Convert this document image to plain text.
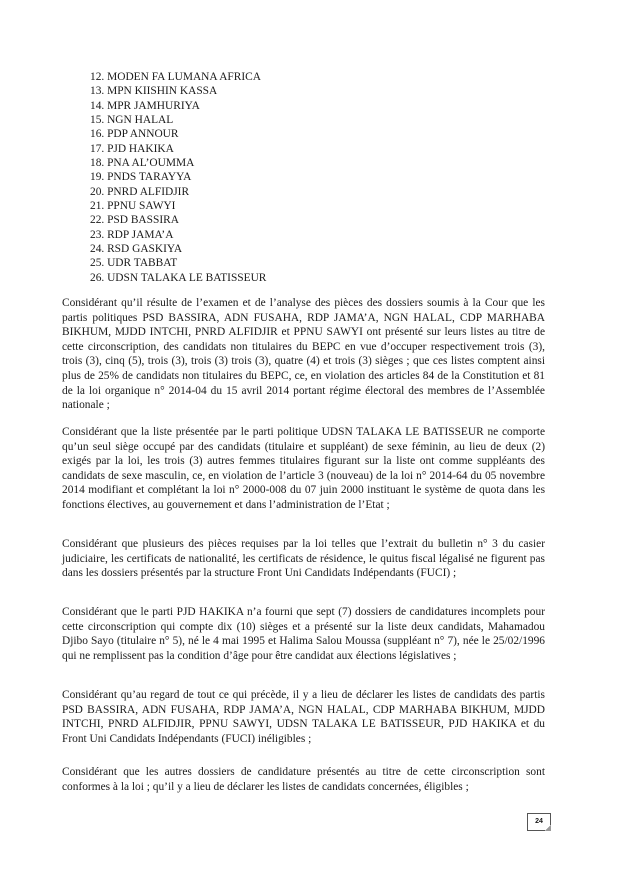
12. MODEN FA LUMANA AFRICA
13. MPN KIISHIN KASSA
14. MPR JAMHURIYA
15. NGN HALAL
16. PDP ANNOUR
17. PJD HAKIKA
18. PNA AL’OUMMA
19. PNDS TARAYYA
20. PNRD ALFIDJIR
21. PPNU SAWYI
22. PSD BASSIRA
23. RDP JAMA’A
24. RSD GASKIYA
25. UDR TABBAT
26. UDSN TALAKA LE BATISSEUR

Considérant qu’il résulte de l’examen et de l’analyse des pièces des dossiers soumis à la Cour que les partis politiques PSD BASSIRA, ADN FUSAHA, RDP JAMA’A, NGN HALAL, CDP MARHABA BIKHUM, MJDD INTCHI, PNRD ALFIDJIR et PPNU SAWYI ont présenté sur leurs listes au titre de cette circonscription, des candidats non titulaires du BEPC en vue d’occuper respectivement trois (3), trois (3), cinq (5), trois (3), trois (3) trois (3), quatre (4) et trois (3) sièges ; que ces listes comptent ainsi plus de 25% de candidats non titulaires du BEPC, ce, en violation des articles 84 de la Constitution et 81 de la loi organique n° 2014-04 du 15 avril 2014 portant régime électoral des membres de l’Assemblée nationale ;

Considérant que la liste présentée par le parti politique UDSN TALAKA LE BATISSEUR ne comporte qu’un seul siège occupé par des candidats (titulaire et suppléant) de sexe féminin, au lieu de deux (2) exigés par la loi, les trois (3) autres femmes titulaires figurant sur la liste ont comme suppléants des candidats de sexe masculin, ce, en violation de l’article 3 (nouveau) de la loi n° 2014-64 du 05 novembre 2014 modifiant et complétant la loi n° 2000-008 du 07 juin 2000 instituant le système de quota dans les fonctions électives, au gouvernement et dans l’administration de l’Etat ;

Considérant que plusieurs des pièces requises par la loi telles que l’extrait du bulletin n° 3 du casier judiciaire, les certificats de nationalité, les certificats de résidence, le quitus fiscal légalisé ne figurent pas dans les dossiers présentés par la structure Front Uni Candidats Indépendants (FUCI) ;

Considérant que le parti PJD HAKIKA n’a fourni que sept (7) dossiers de candidatures incomplets pour cette circonscription qui compte dix (10) sièges et a présenté sur la liste deux candidats, Mahamadou Djibo Sayo (titulaire n° 5), né le 4 mai 1995 et Halima Salou Moussa (suppléant n° 7), née le 25/02/1996 qui ne remplissent pas la condition d’âge pour être candidat aux élections législatives ;

Considérant qu’au regard de tout ce qui précède, il y a lieu de déclarer les listes de candidats des partis PSD BASSIRA, ADN FUSAHA, RDP JAMA’A, NGN HALAL, CDP MARHABA BIKHUM, MJDD INTCHI, PNRD ALFIDJIR, PPNU SAWYI, UDSN TALAKA LE BATISSEUR, PJD HAKIKA et du Front Uni Candidats Indépendants (FUCI) inéligibles ;

Considérant que les autres dossiers de candidature présentés au titre de cette circonscription sont conformes à la loi ; qu’il y a lieu de déclarer les listes de candidats concernées, éligibles ;

24
